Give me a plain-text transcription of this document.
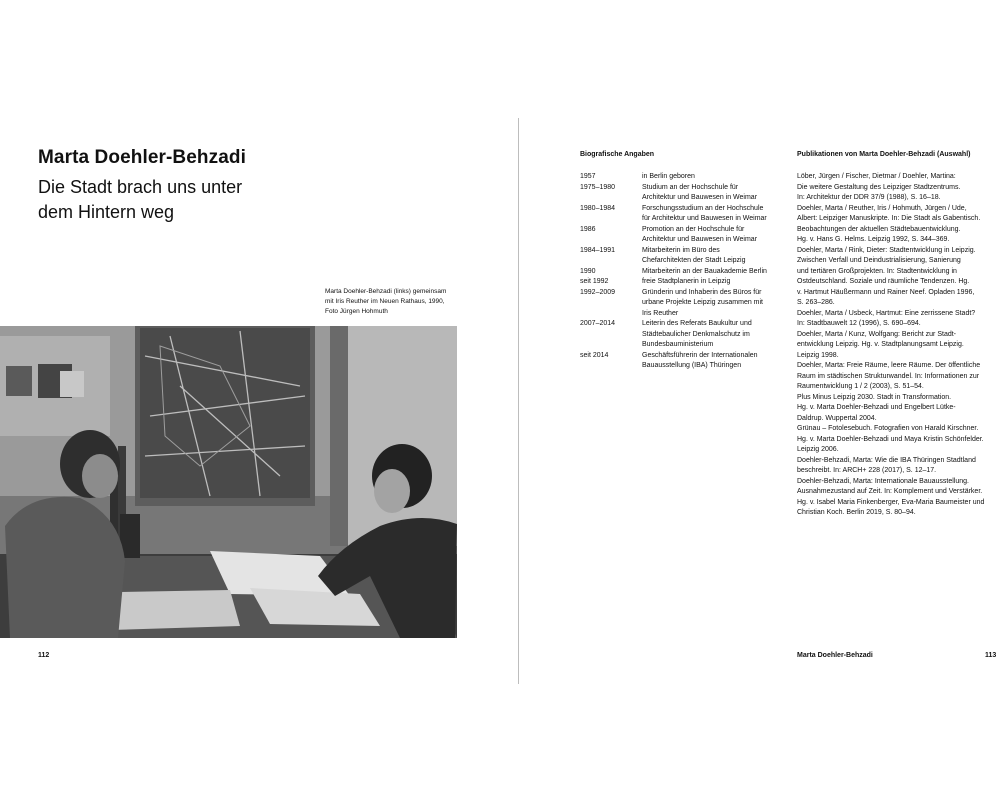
Marta Doehler-Behzadi
Die Stadt brach uns unter
dem Hintern weg
Marta Doehler-Behzadi (links) gemeinsam
mit Iris Reuther im Neuen Rathaus, 1990,
Foto Jürgen Hohmuth
112
Biografische Angaben	Publikationen von Marta Doehler-Behzadi (Auswahl)
1957	in Berlin geboren
1975–1980	Studium an der Hochschule für
Architektur und Bauwesen in Weimar
1980–1984	Forschungsstudium an der Hochschule
für Architektur und Bauwesen in Weimar
1986	Promotion an der Hochschule für
Architektur und Bauwesen in Weimar
1984–1991	Mitarbeiterin im Büro des
Chefarchitekten der Stadt Leipzig
1990	Mitarbeiterin an der Bauakademie Berlin
seit 1992	freie Stadtplanerin in Leipzig
1992–2009	Gründerin und Inhaberin des Büros für
urbane Projekte Leipzig zusammen mit
Iris Reuther
2007–2014	Leiterin des Referats Baukultur und
Städtebaulicher Denkmalschutz im
Bundesbauministerium
seit 2014	Geschäftsführerin der Internationalen
Bauausstellung (IBA) Thüringen
Löber, Jürgen / Fischer, Dietmar / Doehler, Martina:
Die weitere Gestaltung des Leipziger Stadtzentrums.
In: Architektur der DDR 37/9 (1988), S. 16–18.
Doehler, Marta / Reuther, Iris / Hohmuth, Jürgen / Ude,
Albert: Leipziger Manuskripte. In: Die Stadt als Gabentisch.
Beobachtungen der aktuellen Städtebauentwicklung.
Hg. v. Hans G. Helms. Leipzig 1992, S. 344–369.
Doehler, Marta / Rink, Dieter: Stadtentwicklung in Leipzig.
Zwischen Verfall und Deindustrialisierung, Sanierung
und tertiären Großprojekten. In: Stadtentwicklung in
Ostdeutschland. Soziale und räumliche Tendenzen. Hg.
v. Hartmut Häußermann und Rainer Neef. Opladen 1996,
S. 263–286.
Doehler, Marta / Usbeck, Hartmut: Eine zerrissene Stadt?
In: Stadtbauwelt 12 (1996), S. 690–694.
Doehler, Marta / Kunz, Wolfgang: Bericht zur Stadt-
entwicklung Leipzig. Hg. v. Stadtplanungsamt Leipzig.
Leipzig 1998.
Doehler, Marta: Freie Räume, leere Räume. Der öffentliche
Raum im städtischen Strukturwandel. In: Informationen zur
Raumentwicklung 1 / 2 (2003), S. 51–54.
Plus Minus Leipzig 2030. Stadt in Transformation.
Hg. v. Marta Doehler-Behzadi und Engelbert Lütke-
Daldrup. Wuppertal 2004.
Grünau – Fotolesebuch. Fotografien von Harald Kirschner.
Hg. v. Marta Doehler-Behzadi und Maya Kristin Schönfelder.
Leipzig 2006.
Doehler-Behzadi, Marta: Wie die IBA Thüringen Stadtland
beschreibt. In: ARCH+ 228 (2017), S. 12–17.
Doehler-Behzadi, Marta: Internationale Bauausstellung.
Ausnahmezustand auf Zeit. In: Komplement und Verstärker.
Hg. v. Isabel Maria Finkenberger, Eva-Maria Baumeister und
Christian Koch. Berlin 2019, S. 80–94.
Marta Doehler-Behzadi	113
